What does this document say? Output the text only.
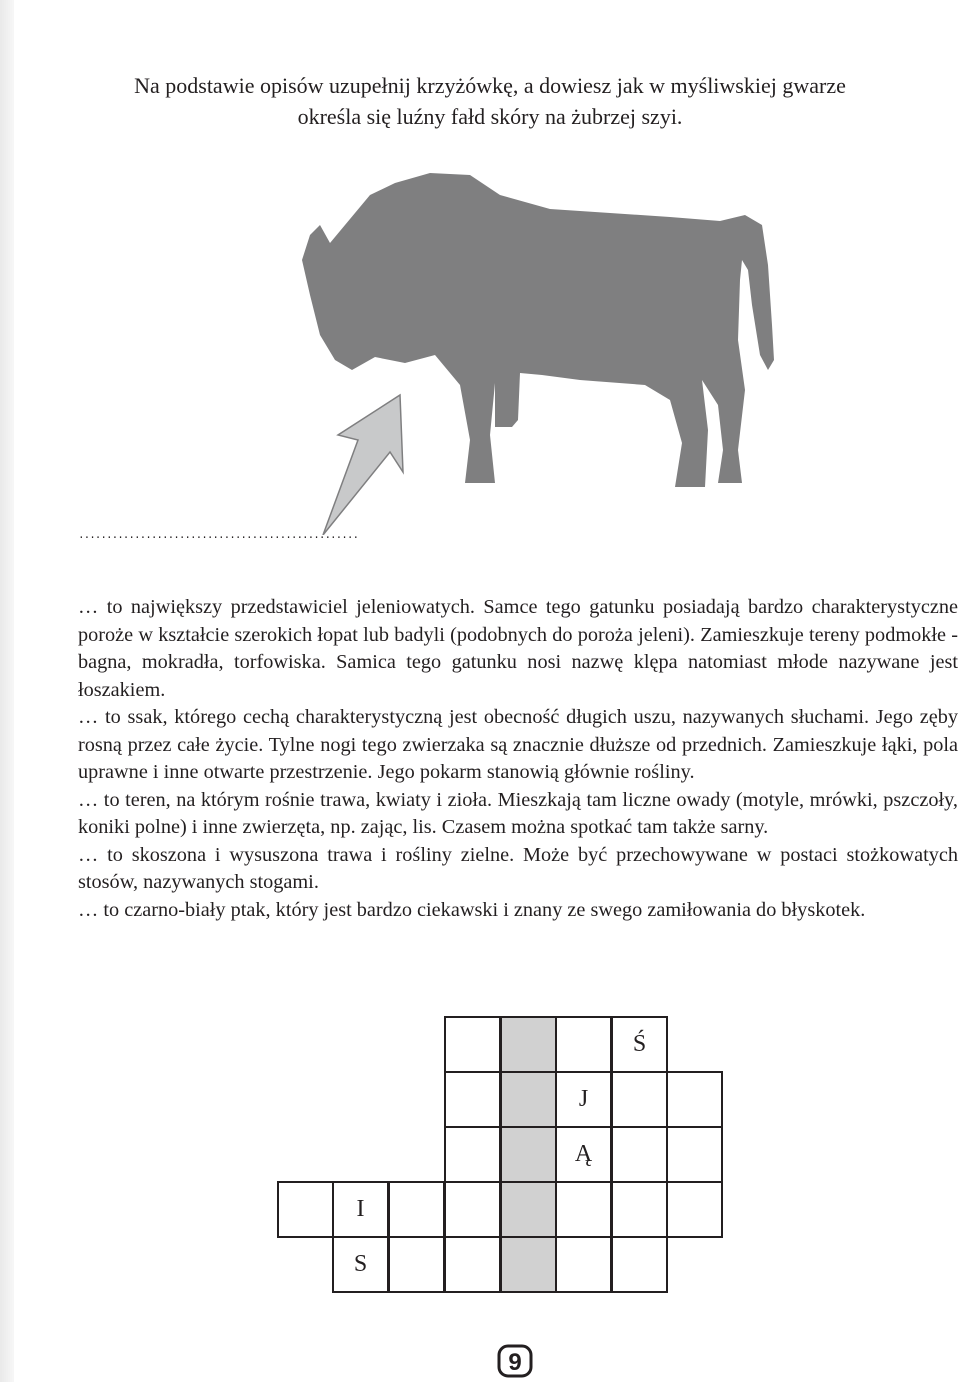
Na podstawie opisów uzupełnij krzyżówkę, a dowiesz jak w myśliwskiej gwarze
określa się luźny fałd skóry na żubrzej szyi.
..................................................

… to największy przedstawiciel jeleniowatych. Samce tego gatunku posiadają bardzo charakterystyczne poroże w kształcie szerokich łopat lub badyli (podobnych do poroża jeleni). Zamieszkuje tereny podmokłe - bagna, mokradła, torfowiska. Samica tego gatunku nosi nazwę klępa natomiast młode nazywane jest łoszakiem.

… to ssak, którego cechą charakterystyczną jest obecność długich uszu, nazywanych słuchami. Jego zęby rosną przez całe życie. Tylne nogi tego zwierzaka są znacznie dłuższe od przednich. Zamieszkuje łąki, pola uprawne i inne otwarte przestrzenie. Jego pokarm stanowią głównie rośliny.

… to teren, na którym rośnie trawa, kwiaty i zioła. Mieszkają tam liczne owady (motyle, mrówki, pszczoły, koniki polne) i inne zwierzęta, np. zając, lis. Czasem można spotkać tam także sarny.

… to skoszona i wysuszona trawa i rośliny zielne. Może być przechowywane w postaci stożkowatych stosów, nazywanych stogami.

… to czarno-biały ptak, który jest bardzo ciekawski i znany ze swego zamiłowania do błyskotek.

Ś
J
Ą
I
S
9
